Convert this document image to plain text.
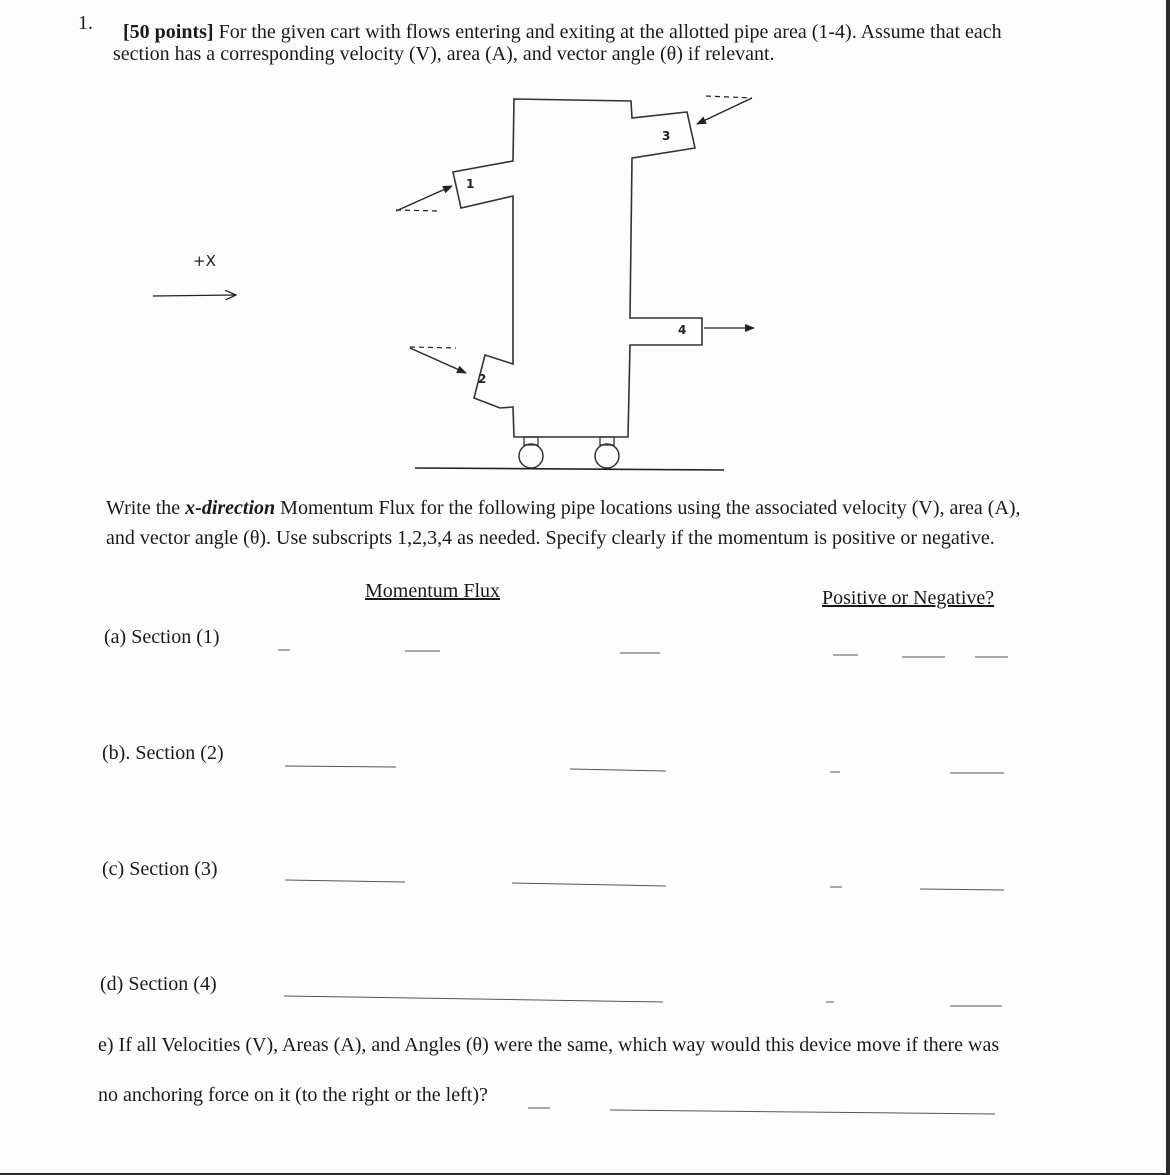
1. [50 points] For the given cart with flows entering and exiting at the allotted pipe area (1-4). Assume that each
section has a corresponding velocity (V), area (A), and vector angle (θ) if relevant.
+X
1
2
3
4
Write the x-direction Momentum Flux for the following pipe locations using the associated velocity (V), area (A),
and vector angle (θ). Use subscripts 1,2,3,4 as needed. Specify clearly if the momentum is positive or negative.
Momentum Flux	Positive or Negative?
(a) Section (1)
(b). Section (2)
(c) Section (3)
(d) Section (4)
e) If all Velocities (V), Areas (A), and Angles (θ) were the same, which way would this device move if there was
no anchoring force on it (to the right or the left)?
